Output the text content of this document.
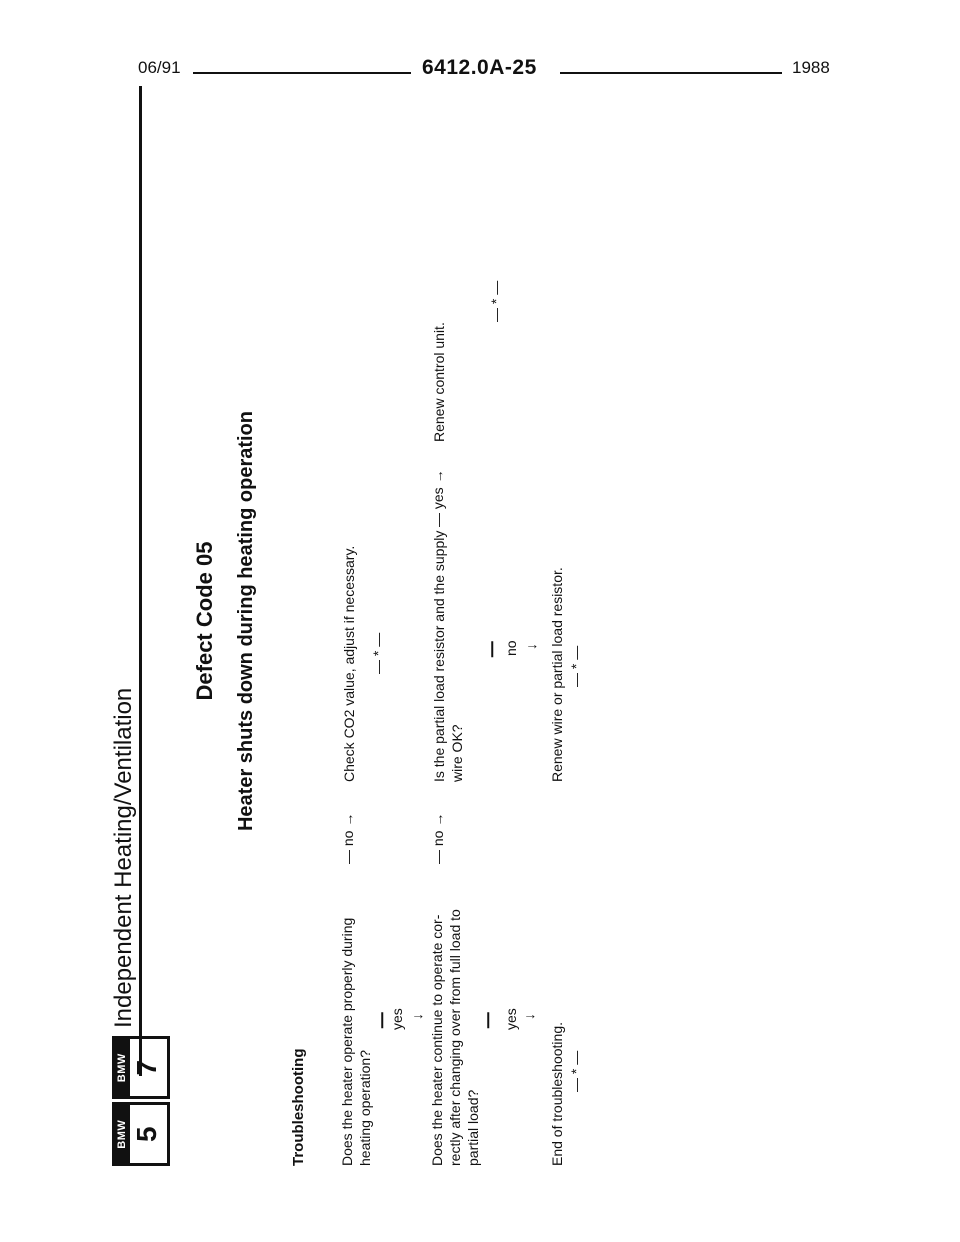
06/91	6412.0A-25	1988
BMW 5
BMW 7
Independent Heating/Ventilation
Defect Code 05 Heater shuts down during heating operation
Troubleshooting Does the heater operate properly during heating operation?
— no →
Check CO2 value, adjust if necessary. — * —
yes ↓ Does the heater continue to operate cor- rectly after changing over from full load to partial load?
— no →
yes ↓
End of troubleshooting. — * —
Is the partial load resistor and the supply wire OK?
— yes →
Renew control unit.
— * —
no ↓ Renew wire or partial load resistor. — * —
